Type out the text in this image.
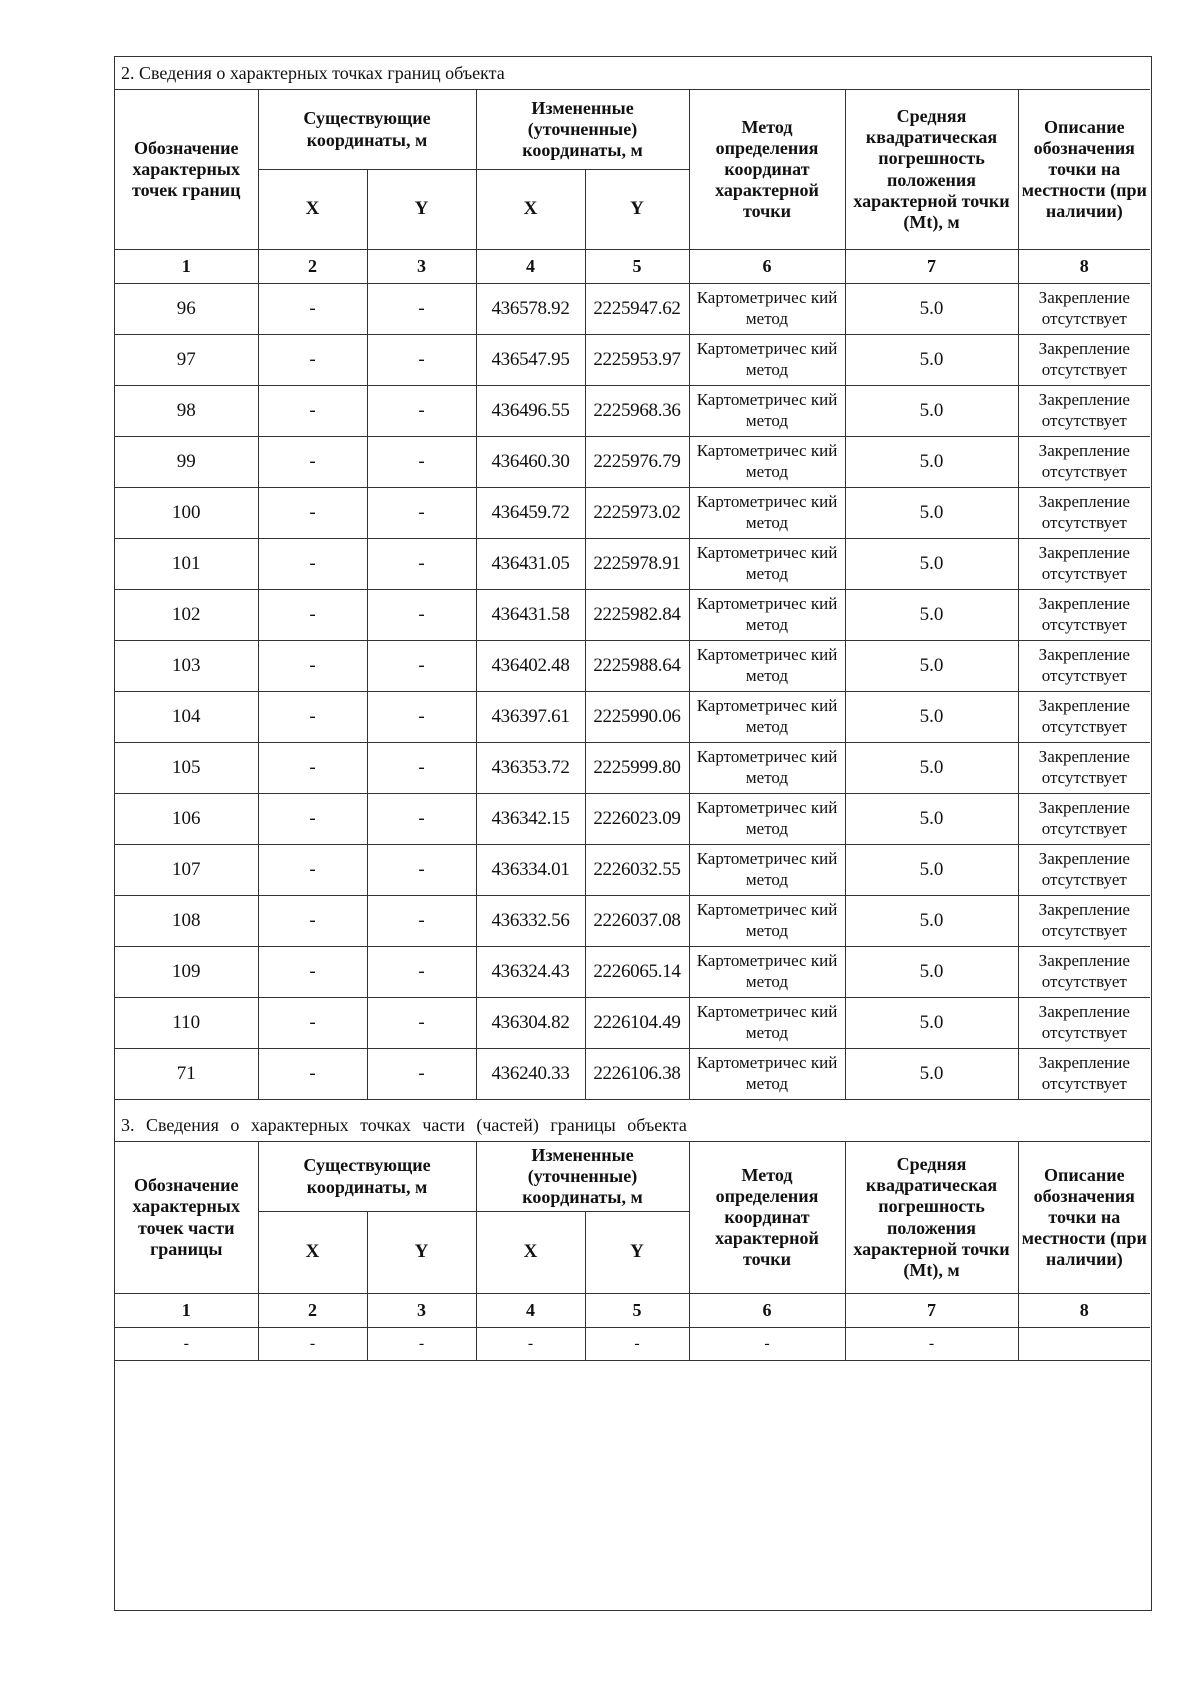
2. Сведения о характерных точках границ объекта							
Обозначение характерных точек границ	Существующие координаты, м		Измененные (уточненные) координаты, м		Метод определения координат характерной точки	Средняя квадратическая погрешность положения характерной точки (Mt), м	Описание обозначения точки на местности (при наличии)
	X	Y	X	Y			
1	2	3	4	5	6	7	8
96	-	-	436578.92	2225947.62	Картометричес кий метод	5.0	Закрепление отсутствует
97	-	-	436547.95	2225953.97	Картометричес кий метод	5.0	Закрепление отсутствует
98	-	-	436496.55	2225968.36	Картометричес кий метод	5.0	Закрепление отсутствует
99	-	-	436460.30	2225976.79	Картометричес кий метод	5.0	Закрепление отсутствует
100	-	-	436459.72	2225973.02	Картометричес кий метод	5.0	Закрепление отсутствует
101	-	-	436431.05	2225978.91	Картометричес кий метод	5.0	Закрепление отсутствует
102	-	-	436431.58	2225982.84	Картометричес кий метод	5.0	Закрепление отсутствует
103	-	-	436402.48	2225988.64	Картометричес кий метод	5.0	Закрепление отсутствует
104	-	-	436397.61	2225990.06	Картометричес кий метод	5.0	Закрепление отсутствует
105	-	-	436353.72	2225999.80	Картометричес кий метод	5.0	Закрепление отсутствует
106	-	-	436342.15	2226023.09	Картометричес кий метод	5.0	Закрепление отсутствует
107	-	-	436334.01	2226032.55	Картометричес кий метод	5.0	Закрепление отсутствует
108	-	-	436332.56	2226037.08	Картометричес кий метод	5.0	Закрепление отсутствует
109	-	-	436324.43	2226065.14	Картометричес кий метод	5.0	Закрепление отсутствует
110	-	-	436304.82	2226104.49	Картометричес кий метод	5.0	Закрепление отсутствует
71	-	-	436240.33	2226106.38	Картометричес кий метод	5.0	Закрепление отсутствует
3. Сведения о характерных точках части (частей) границы объекта							
Обозначение характерных точек части границы	Существующие координаты, м		Измененные (уточненные) координаты, м		Метод определения координат характерной точки	Средняя квадратическая погрешность положения характерной точки (Mt), м	Описание обозначения точки на местности (при наличии)
	X	Y	X	Y			
1	2	3	4	5	6	7	8
-	-	-	-	-	-	-	
